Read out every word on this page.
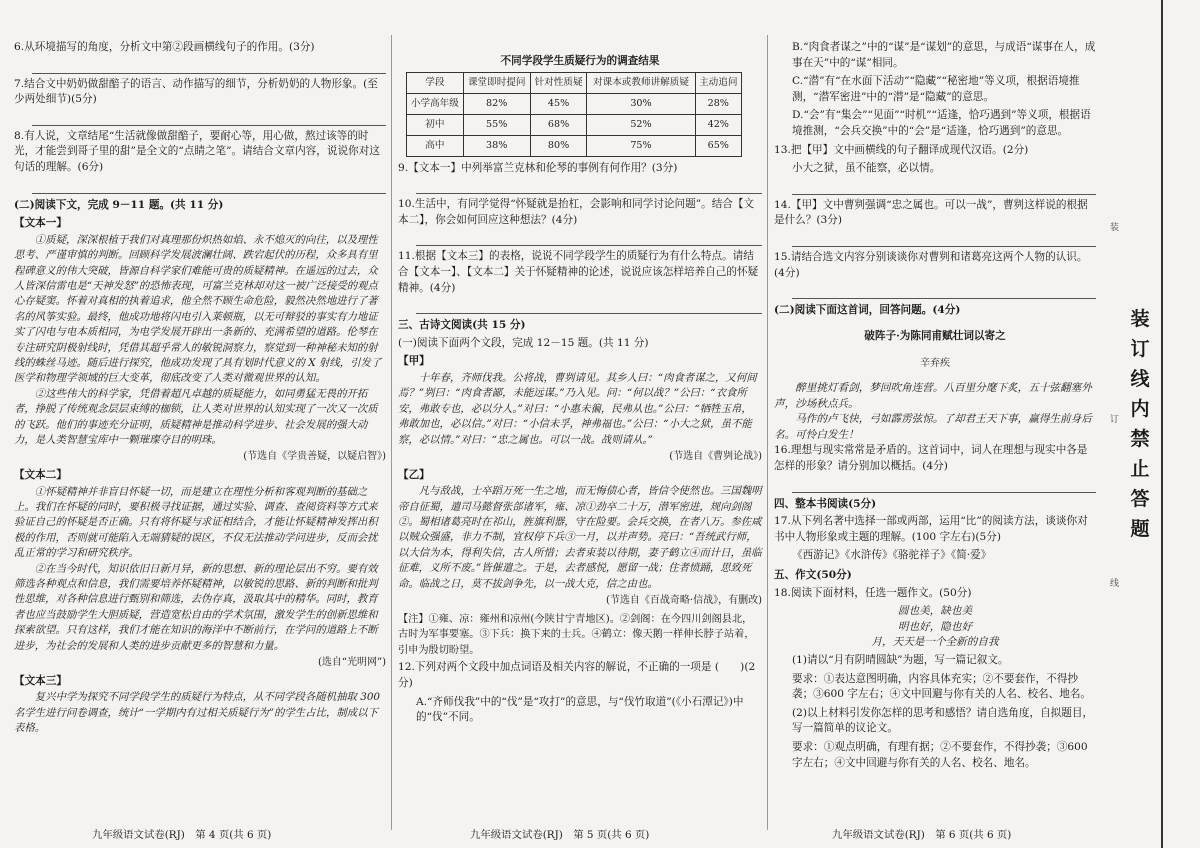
6.从环境描写的角度，分析文中第②段画横线句子的作用。(3分)

7.结合文中奶奶做甜醅子的语言、动作描写的细节，分析奶奶的人物形象。(至少两处细节)(5分)

8.有人说，文章结尾“生活就像做甜醅子，要耐心等，用心做，熬过该等的时光，才能尝到哥子里的甜”是全文的“点睛之笔”。请结合文章内容，说说你对这句话的理解。(6分)

(二)阅读下文，完成 9－11 题。(共 11 分)

【文本一】

①质疑，深深根植于我们对真理那份炽热如焰、永不熄灭的向往，以及理性思考、严谨审慎的判断。回顾科学发展波澜壮阔、跌宕起伏的历程，众多具有里程碑意义的伟大突破，皆源自科学家们难能可贵的质疑精神。在遥远的过去，众人皆深信雷电是“天神发怒”的恐怖表现，可富兰克林却对这一被广泛接受的观点心存疑窦。怀着对真相的执着追求，他全然不顾生命危险，毅然决然地进行了著名的风筝实验。最终，他成功地将闪电引入莱顿瓶，以无可辩驳的事实有力地证实了闪电与电本质相同，为电学发展开辟出一条新的、充满希望的道路。伦琴在专注研究阴极射线时，凭借其超乎常人的敏锐洞察力，察觉到一种神秘未知的射线的蛛丝马迹。随后进行探究，他成功发现了具有划时代意义的 X 射线，引发了医学和物理学领域的巨大变革，彻底改变了人类对微观世界的认知。

②这些伟大的科学家，凭借着超凡卓越的质疑能力，如同勇猛无畏的开拓者，挣脱了传统观念层层束缚的枷锁，让人类对世界的认知实现了一次又一次质的飞跃。他们的事迹充分证明，质疑精神是推动科学进步、社会发展的强大动力，是人类智慧宝库中一颗璀璨夺目的明珠。

(节选自《学贵善疑，以疑启智》)

【文本二】

①怀疑精神并非盲目怀疑一切，而是建立在理性分析和客观判断的基础之上。我们在怀疑的同时，要积极寻找证据，通过实验、调查、查阅资料等方式来验证自己的怀疑是否正确。只有将怀疑与求证相结合，才能让怀疑精神发挥出积极的作用，否则就可能陷入无端猜疑的误区，不仅无法推动学问进步，反而会扰乱正常的学习和研究秩序。

②在当今时代，知识依旧日新月异，新的思想、新的理论层出不穷。要有效筛选各种观点和信息，我们需要培养怀疑精神，以敏锐的思路、新的判断和批判性思维，对各种信息进行甄别和筛选，去伪存真，汲取其中的精华。同时，教育者也应当鼓励学生大胆质疑，营造宽松自由的学术氛围，激发学生的创新思维和探索欲望。只有这样，我们才能在知识的海洋中不断前行，在学问的道路上不断进步，为社会的发展和人类的进步贡献更多的智慧和力量。

(选自“光明网”)

【文本三】

复兴中学为探究不同学段学生的质疑行为特点，从不同学段各随机抽取 300 名学生进行问卷调查，统计“一学期内有过相关质疑行为”的学生占比，制成以下表格。

不同学段学生质疑行为的调查结果
学段	课堂即时提问	针对性质疑	对课本或教师讲解质疑	主动追问
小学高年级	82%	45%	30%	28%
初中	55%	68%	52%	42%
高中	38%	80%	75%	65%

9.【文本一】中列举富兰克林和伦琴的事例有何作用？(3分)

10.生活中，有同学觉得“怀疑就是抬杠，会影响和同学讨论问题”。结合【文本二】，你会如何回应这种想法？(4分)

11.根据【文本三】的表格，说说不同学段学生的质疑行为有什么特点。请结合【文本一】、【文本二】关于怀疑精神的论述，说说应该怎样培养自己的怀疑精神。(4分)

三、古诗文阅读(共 15 分)

(一)阅读下面两个文段，完成 12－15 题。(共 11 分)

【甲】

十年春，齐师伐我。公将战，曹刿请见。其乡人曰：“肉食者谋之，又何间焉？”刿曰：“肉食者鄙，未能远谋。”乃入见。问：“何以战？”公曰：“衣食所安，弗敢专也，必以分人。”对曰：“小惠未徧，民弗从也。”公曰：“牺牲玉帛，弗敢加也，必以信。”对曰：“小信未孚，神弗福也。”公曰：“小大之狱，虽不能察，必以情。”对曰：“忠之属也。可以一战。战则请从。”

(节选自《曹刿论战》)

【乙】

凡与敌战，士卒蹈万死一生之地，而无悔债心者，皆信令使然也。三国魏明帝自征蜀，遣司马懿督张郃诸军，雍、凉①劲卒二十万，潜军密进，规向剑阁②。蜀相诸葛亮时在祁山，旌旗利器，守在险要。会兵交换，在者八万。参佐咸以贼众强盛，非力不制，宜权停下兵③一月，以并声势。亮曰：“吾统武行师，以大信为本，得利失信，古人所惜；去者束装以待期，妻子鹤立④而计日，虽临征难，义所不废。”皆催遣之。于是，去者感悦，愿留一战；住者愤踊，思致死命。临战之日，莫不拔剑争先，以一战大克，信之由也。

(节选自《百战奇略·信战》，有删改)

【注】①雍、凉：雍州和凉州(今陕甘宁青地区)。②剑阁：在今四川剑阁县北，古时为军事要塞。③下兵：换下来的士兵。④鹤立：像天鹅一样伸长脖子站着，引申为殷切盼望。

12.下列对两个文段中加点词语及相关内容的解说，不正确的一项是 (　　)(2分)

A.“齐师伐我”中的“伐”是“攻打”的意思，与“伐竹取道”(《小石潭记》)中的“伐”不同。

B.“肉食者谋之”中的“谋”是“谋划”的意思，与成语“谋事在人，成事在天”中的“谋”相同。

C.“潜”有“在水面下活动”“隐藏”“秘密地”等义项，根据语境推测，“潜军密进”中的“潜”是“隐藏”的意思。

D.“会”有“集会”“见面”“时机”“适逢，恰巧遇到”等义项，根据语境推测，“会兵交换”中的“会”是“适逢，恰巧遇到”的意思。

13.把【甲】文中画横线的句子翻译成现代汉语。(2分)

小大之狱，虽不能察，必以情。

14.【甲】文中曹刿强调“忠之属也。可以一战”，曹刿这样说的根据是什么？(3分)

15.请结合选文内容分别谈谈你对曹刿和诸葛亮这两个人物的认识。(4分)

(二)阅读下面这首词，回答问题。(4分)

破阵子·为陈同甫赋壮词以寄之

辛弃疾

醉里挑灯看剑，梦回吹角连营。八百里分麾下炙，五十弦翻塞外声，沙场秋点兵。

马作的卢飞快，弓如霹雳弦惊。了却君王天下事，赢得生前身后名。可怜白发生！

16.理想与现实常常是矛盾的。这首词中，词人在理想与现实中各是怎样的形象？请分别加以概括。(4分)

四、整本书阅读(5分)

17.从下列名著中选择一部或两部，运用“比”的阅读方法，谈谈你对书中人物形象或主题的理解。(100 字左右)(5分)

《西游记》《水浒传》《骆驼祥子》《简·爱》

五、作文(50分)

18.阅读下面材料，任选一题作文。(50分)

圆也美，缺也美

明也好，隐也好

月，天天是一个全新的自我

(1)请以“月有阴晴圆缺”为题，写一篇记叙文。

要求：①表达意图明确，内容具体充实；②不要套作，不得抄袭；③600 字左右；④文中回避与你有关的人名、校名、地名。

(2)以上材料引发你怎样的思考和感悟？请自选角度，自拟题目，写一篇简单的议论文。

要求：①观点明确，有理有据；②不要套作，不得抄袭；③600 字左右；④文中回避与你有关的人名、校名、地名。

九年级语文试卷(RJ)　第 4 页(共 6 页)	九年级语文试卷(RJ)　第 5 页(共 6 页)	九年级语文试卷(RJ)　第 6 页(共 6 页)
装
订
线
装订线内禁止答题
